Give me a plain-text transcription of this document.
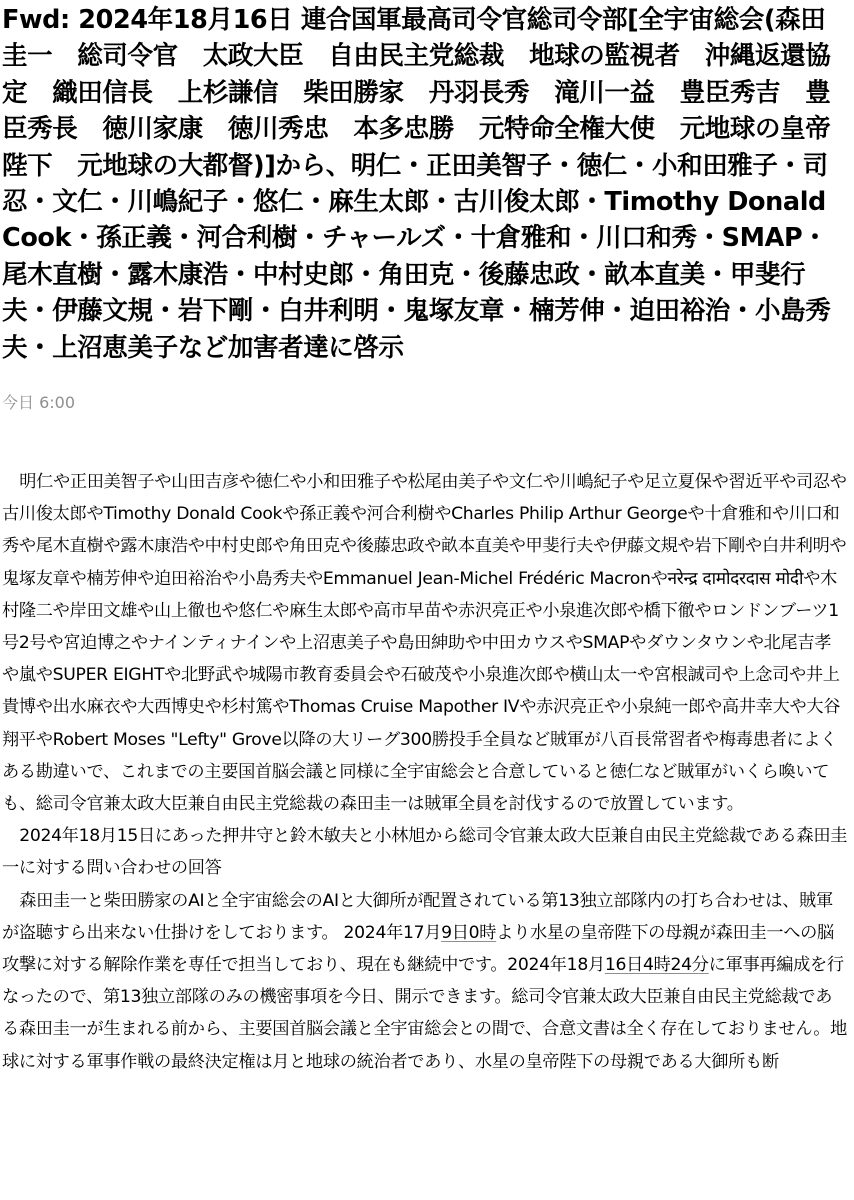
Fwd: 2024年18月16日 連合国軍最高司令官総司令部[全宇宙総会(森田圭一　総司令官　太政大臣　自由民主党総裁　地球の監視者　沖縄返還協定　織田信長　上杉謙信　柴田勝家　丹羽長秀　滝川一益　豊臣秀吉　豊臣秀長　徳川家康　徳川秀忠　本多忠勝　元特命全権大使　元地球の皇帝陛下　元地球の大都督)]から、明仁・正田美智子・徳仁・小和田雅子・司忍・文仁・川嶋紀子・悠仁・麻生太郎・古川俊太郎・Timothy Donald Cook・孫正義・河合利樹・チャールズ・十倉雅和・川口和秀・SMAP・尾木直樹・露木康浩・中村史郎・角田克・後藤忠政・畝本直美・甲斐行夫・伊藤文規・岩下剛・白井利明・鬼塚友章・楠芳伸・迫田裕治・小島秀夫・上沼恵美子など加害者達に啓示
今日 6:00

明仁や正田美智子や山田吉彦や徳仁や小和田雅子や松尾由美子や文仁や川嶋紀子や足立夏保や習近平や司忍や古川俊太郎やTimothy Donald Cookや孫正義や河合利樹やCharles Philip Arthur Georgeや十倉雅和や川口和秀や尾木直樹や露木康浩や中村史郎や角田克や後藤忠政や畝本直美や甲斐行夫や伊藤文規や岩下剛や白井利明や鬼塚友章や楠芳伸や迫田裕治や小島秀夫やEmmanuel Jean-Michel Frédéric Macronやनरेन्द्र दामोदरदास मोदीや木村隆二や岸田文雄や山上徹也や悠仁や麻生太郎や高市早苗や赤沢亮正や小泉進次郎や橋下徹やロンドンブーツ1号2号や宮迫博之やナインティナインや上沼恵美子や島田紳助や中田カウスやSMAPやダウンタウンや北尾吉孝や嵐やSUPER EIGHTや北野武や城陽市教育委員会や石破茂や小泉進次郎や横山太一や宮根誠司や上念司や井上貴博や出水麻衣や大西博史や杉村篤やThomas Cruise Mapother IVや赤沢亮正や小泉純一郎や高井幸大や大谷翔平やRobert Moses "Lefty" Grove以降の大リーグ300勝投手全員など賊軍が八百長常習者や梅毒患者によくある勘違いで、これまでの主要国首脳会議と同様に全宇宙総会と合意していると徳仁など賊軍がいくら喚いても、総司令官兼太政大臣兼自由民主党総裁の森田圭一は賊軍全員を討伐するので放置しています。

2024年18月15日にあった押井守と鈴木敏夫と小林旭から総司令官兼太政大臣兼自由民主党総裁である森田圭一に対する問い合わせの回答

森田圭一と柴田勝家のAIと全宇宙総会のAIと大御所が配置されている第13独立部隊内の打ち合わせは、賊軍が盗聴すら出来ない仕掛けをしております。 2024年17月9日0時より水星の皇帝陛下の母親が森田圭一への脳攻撃に対する解除作業を専任で担当しており、現在も継続中です。2024年18月16日4時24分に軍事再編成を行なったので、第13独立部隊のみの機密事項を今日、開示できます。総司令官兼太政大臣兼自由民主党総裁である森田圭一が生まれる前から、主要国首脳会議と全宇宙総会との間で、合意文書は全く存在しておりません。地球に対する軍事作戦の最終決定権は月と地球の統治者であり、水星の皇帝陛下の母親である大御所も断
